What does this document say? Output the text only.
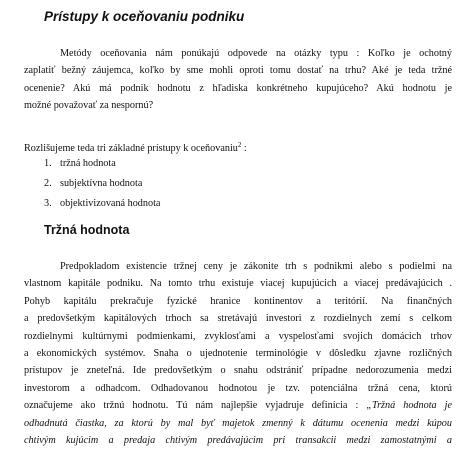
Prístupy k oceňovaniu podniku
Metódy oceňovania nám ponúkajú odpovede na otázky typu : Koľko je ochotný
zaplatiť bežný záujemca, koľko by sme mohli oproti tomu dostať na trhu? Aké je teda tržné
ocenenie? Akú má podnik hodnotu z hľadiska konkrétneho kupujúceho? Akú hodnotu je
možné považovať za nespornú?
Rozlišujeme teda tri základné prístupy k oceňovaniu$^2$ :
1. tržná hodnota
2. subjektívna hodnota
3. objektivizovaná hodnota
Tržná hodnota
Predpokladom existencie tržnej ceny je zákonite trh s podnikmi alebo s podielmi na
vlastnom kapitále podniku. Na tomto trhu existuje viacej kupujúcich a viacej predávajúcich .
Pohyb kapitálu prekračuje fyzické hranice kontinentov a teritórií. Na finančných
a predovšetkým kapitálových trhoch sa stretávajú investori z rozdielnych zemí s celkom
rozdielnymi kultúrnymi podmienkami, zvyklosťami a vyspelosťami svojich domácich trhov
a ekonomických systémov. Snaha o ujednotenie terminológie v dôsledku zjavne rozličných
prístupov je zneteľná. Ide predovšetkým o snahu odstrániť prípadne nedorozumenia medzi
investorom a odhadcom. Odhadovanou hodnotou je tzv. potenciálna tržná cena, ktorú
označujeme ako tržnú hodnotu. Tú nám najlepšie vyjadruje definícia : „Tržná hodnota je
odhadnutá čiastka, za ktorú by mal byť majetok zmenný k dátumu ocenenia medzi kúpou
chtivým kujúcim a predaja chtivým predávajúcim pri transakcii medzi zamostatnými a
